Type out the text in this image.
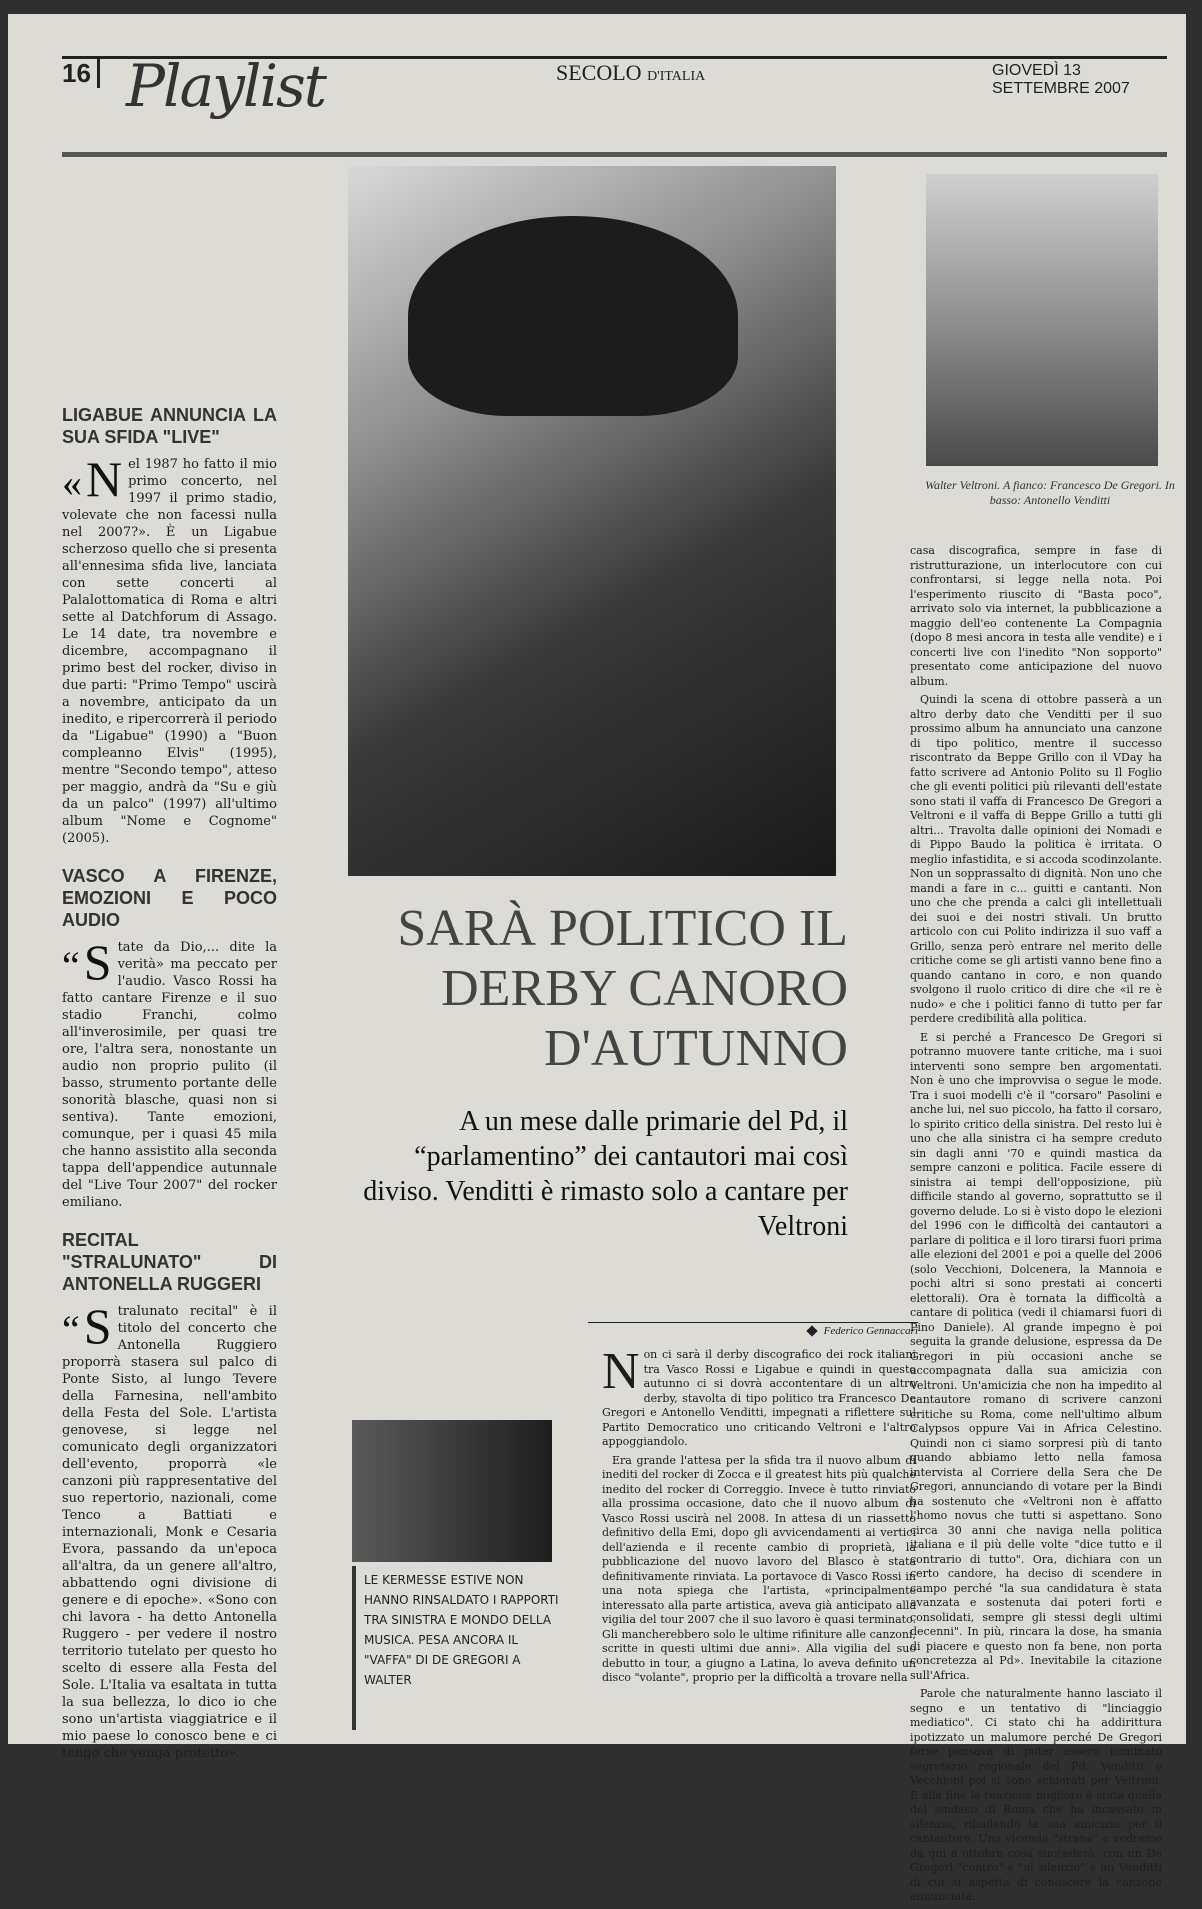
16 Playlist	SECOLO D'ITALIA	GIOVEDÌ 13 SETTEMBRE 2007
LIGABUE ANNUNCIA LA SUA SFIDA "LIVE"
«N el 1987 ho fatto il mio primo concerto, nel 1997 il primo stadio, volevate che non facessi nulla nel 2007?». È un Ligabue scherzoso quello che si presenta all'ennesima sfida live, lanciata con sette concerti al Palalottomatica di Roma e altri sette al Datchforum di Assago. Le 14 date, tra novembre e dicembre, accompagnano il primo best del rocker, diviso in due parti: "Primo Tempo" uscirà a novembre, anticipato da un inedito, e ripercorrerà il periodo da "Ligabue" (1990) a "Buon compleanno Elvis" (1995), mentre "Secondo tempo", atteso per maggio, andrà da "Su e giù da un palco" (1997) all'ultimo album "Nome e Cognome" (2005).
VASCO A FIRENZE, EMOZIONI E POCO AUDIO
“S tate da Dio,... dite la verità» ma peccato per l'audio. Vasco Rossi ha fatto cantare Firenze e il suo stadio Franchi, colmo all'inverosimile, per quasi tre ore, l'altra sera, nonostante un audio non proprio pulito (il basso, strumento portante delle sonorità blasche, quasi non si sentiva). Tante emozioni, comunque, per i quasi 45 mila che hanno assistito alla seconda tappa dell'appendice autunnale del "Live Tour 2007" del rocker emiliano.
RECITAL "STRALUNATO" DI ANTONELLA RUGGERI
“S tralunato recital" è il titolo del concerto che Antonella Ruggiero proporrà stasera sul palco di Ponte Sisto, al lungo Tevere della Farnesina, nell'ambito della Festa del Sole. L'artista genovese, si legge nel comunicato degli organizzatori dell'evento, proporrà «le canzoni più rappresentative del suo repertorio, nazionali, come Tenco a Battiati e internazionali, Monk e Cesaria Evora, passando da un'epoca all'altra, da un genere all'altro, abbattendo ogni divisione di genere e di epoche». «Sono con chi lavora - ha detto Antonella Ruggero - per vedere il nostro territorio tutelato per questo ho scelto di essere alla Festa del Sole. L'Italia va esaltata in tutta la sua bellezza, lo dico io che sono un'artista viaggiatrice e il mio paese lo conosco bene e ci tengo che venga protetto».
Walter Veltroni. A fianco: Francesco De Gregori. In basso: Antonello Venditti
SARÀ POLITICO IL DERBY CANORO D'AUTUNNO
A un mese dalle primarie del Pd, il “parlamentino” dei cantautori mai così diviso. Venditti è rimasto solo a cantare per Veltroni
Federico Gennaccari

Non ci sarà il derby discografico dei rock italiani tra Vasco Rossi e Ligabue e quindi in questo autunno ci si dovrà accontentare di un altro derby, stavolta di tipo politico tra Francesco De Gregori e Antonello Venditti, impegnati a riflettere sul Partito Democratico uno criticando Veltroni e l'altro appoggiandolo.

Era grande l'attesa per la sfida tra il nuovo album di inediti del rocker di Zocca e il greatest hits più qualche inedito del rocker di Correggio. Invece è tutto rinviato alla prossima occasione, dato che il nuovo album di Vasco Rossi uscirà nel 2008. In attesa di un riassetto definitivo della Emi, dopo gli avvicendamenti ai vertici dell'azienda e il recente cambio di proprietà, la pubblicazione del nuovo lavoro del Blasco è stata definitivamente rinviata. La portavoce di Vasco Rossi in una nota spiega che l'artista, «principalmente interessato alla parte artistica, aveva già anticipato alla vigilia del tour 2007 che il suo lavoro è quasi terminato. Gli mancherebbero solo le ultime rifiniture alle canzoni, scritte in questi ultimi due anni». Alla vigilia del suo debutto in tour, a giugno a Latina, lo aveva definito un disco "volante", proprio per la difficoltà a trovare nella

casa discografica, sempre in fase di ristrutturazione, un interlocutore con cui confrontarsi, si legge nella nota. Poi l'esperimento riuscito di "Basta poco", arrivato solo via internet, la pubblicazione a maggio dell'eo contenente La Compagnia (dopo 8 mesi ancora in testa alle vendite) e i concerti live con l'inedito "Non sopporto" presentato come anticipazione del nuovo album.

Quindi la scena di ottobre passerà a un altro derby dato che Venditti per il suo prossimo album ha annunciato una canzone di tipo politico, mentre il successo riscontrato da Beppe Grillo con il VDay ha fatto scrivere ad Antonio Polito su Il Foglio che gli eventi politici più rilevanti dell'estate sono stati il vaffa di Francesco De Gregori a Veltroni e il vaffa di Beppe Grillo a tutti gli altri... Travolta dalle opinioni dei Nomadi e di Pippo Baudo la politica è irritata. O meglio infastidita, e si accoda scodinzolante. Non un sopprassalto di dignità. Non uno che mandi a fare in c... guitti e cantanti. Non uno che che prenda a calci gli intellettuali dei suoi e dei nostri stivali. Un brutto articolo con cui Polito indirizza il suo vaff a Grillo, senza però entrare nel merito delle critiche come se gli artisti vanno bene fino a quando cantano in coro, e non quando svolgono il ruolo critico di dire che «il re è nudo» e che i politici fanno di tutto per far perdere credibilità alla politica.

E si perché a Francesco De Gregori si potranno muovere tante critiche, ma i suoi interventi sono sempre ben argomentati. Non è uno che improvvisa o segue le mode. Tra i suoi modelli c'è il "corsaro" Pasolini e anche lui, nel suo piccolo, ha fatto il corsaro, lo spirito critico della sinistra. Del resto lui è uno che alla sinistra ci ha sempre creduto sin dagli anni '70 e quindi mastica da sempre canzoni e politica. Facile essere di sinistra ai tempi dell'opposizione, più difficile stando al governo, soprattutto se il governo delude. Lo si è visto dopo le elezioni del 1996 con le difficoltà dei cantautori a parlare di politica e il loro tirarsi fuori prima alle elezioni del 2001 e poi a quelle del 2006 (solo Vecchioni, Dolcenera, la Mannoia e pochi altri si sono prestati ai concerti elettorali). Ora è tornata la difficoltà a cantare di politica (vedi il chiamarsi fuori di Pino Daniele). Al grande impegno è poi seguita la grande delusione, espressa da De Gregori in più occasioni anche se accompagnata dalla sua amicizia con Veltroni. Un'amicizia che non ha impedito al cantautore romano di scrivere canzoni critiche su Roma, come nell'ultimo album Calypsos oppure Vai in Africa Celestino. Quindi non ci siamo sorpresi più di tanto quando abbiamo letto nella famosa intervista al Corriere della Sera che De Gregori, annunciando di votare per la Bindi ha sostenuto che «Veltroni non è affatto l'homo novus che tutti si aspettano. Sono circa 30 anni che naviga nella politica italiana e il più delle volte "dice tutto e il contrario di tutto". Ora, dichiara con un certo candore, ha deciso di scendere in campo perché "la sua candidatura è stata avanzata e sostenuta dai poteri forti e consolidati, sempre gli stessi degli ultimi decenni". In più, rincara la dose, ha smania di piacere e questo non fa bene, non porta concretezza al Pd». Inevitabile la citazione sull'Africa.

Parole che naturalmente hanno lasciato il segno e un tentativo di "linciaggio mediatico". Ci stato chi ha addirittura ipotizzato un malumore perché De Gregori forse pensava di poter essere nominato segretario regionale del Pd. Venditti e Vecchioni poi si sono schierati per Veltroni. E alla fine la reazione migliore è stata quella del sindaco di Roma che ha incassato in silenzio, ribadendo la sua amicizia per il cantautore. Una vicenda "strana" e vedremo da qui a ottobre cosa succederà, con un De Gregori "contro" e "al silenzio" e un Venditti di cui si aspetta di conoscere la canzone annunciata.

LE KERMESSE ESTIVE NON HANNO RINSALDATO I RAPPORTI TRA SINISTRA E MONDO DELLA MUSICA. PESA ANCORA IL "VAFFA" DI DE GREGORI A WALTER
